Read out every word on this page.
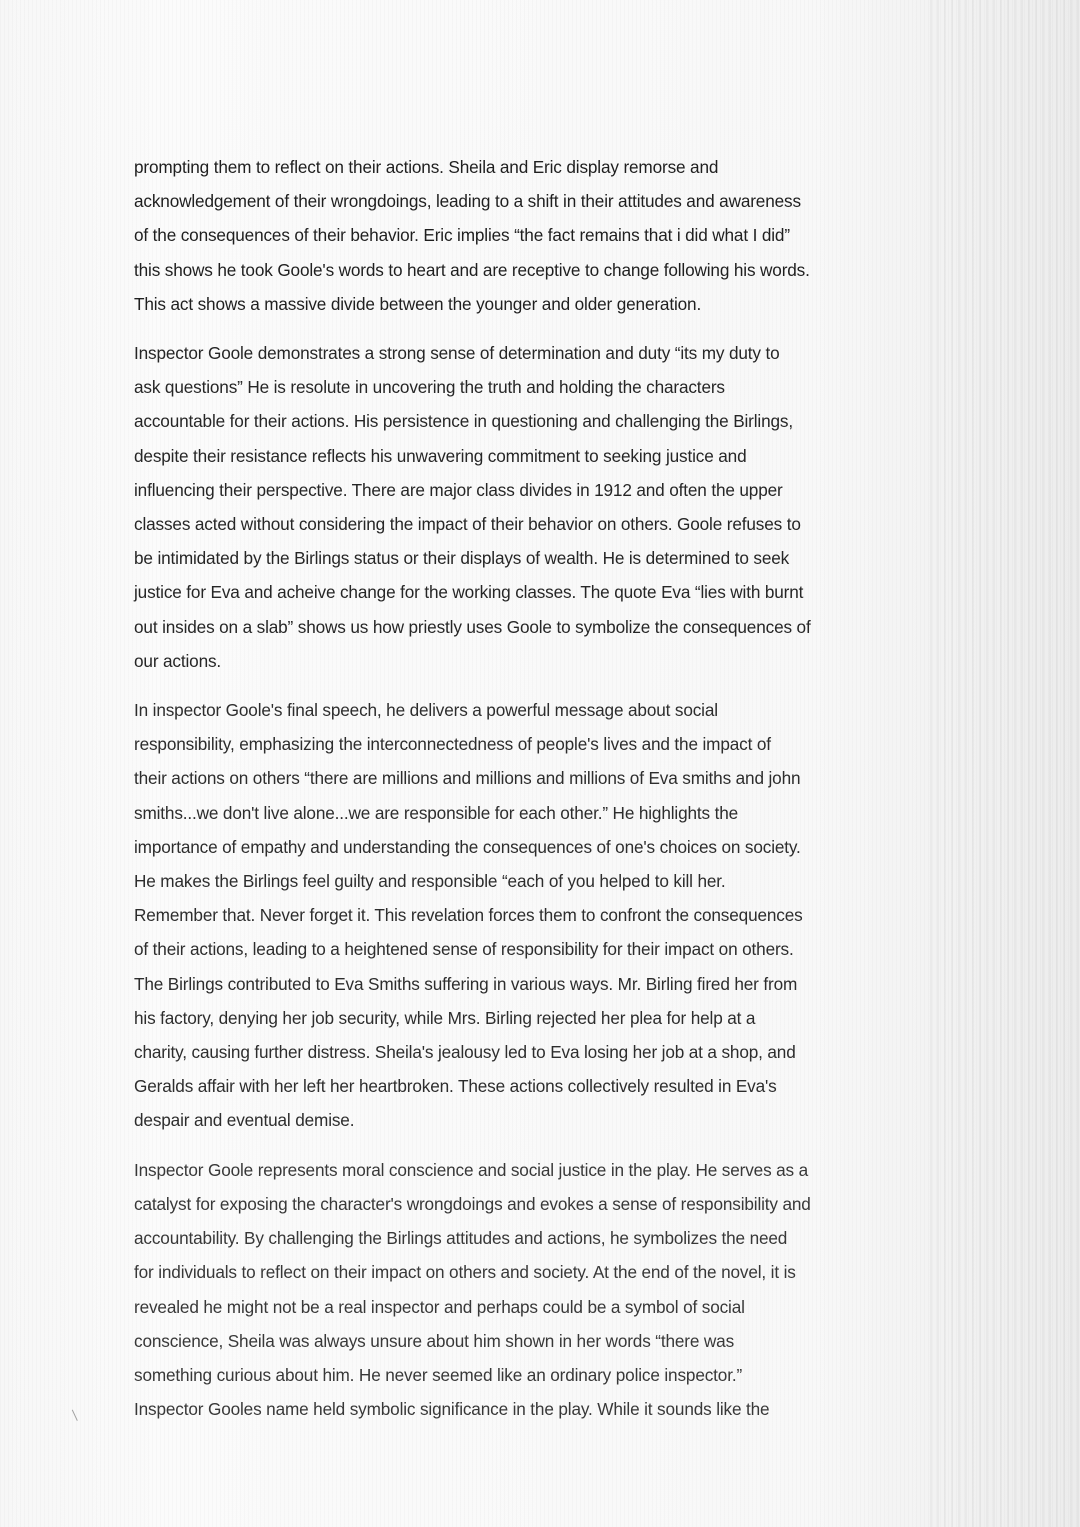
prompting them to reflect on their actions. Sheila and Eric display remorse and
acknowledgement of their wrongdoings, leading to a shift in their attitudes and awareness
of the consequences of their behavior. Eric implies “the fact remains that i did what I did”
this shows he took Goole's words to heart and are receptive to change following his words.
This act shows a massive divide between the younger and older generation.

Inspector Goole demonstrates a strong sense of determination and duty “its my duty to
ask questions” He is resolute in uncovering the truth and holding the characters
accountable for their actions. His persistence in questioning and challenging the Birlings,
despite their resistance reflects his unwavering commitment to seeking justice and
influencing their perspective. There are major class divides in 1912 and often the upper
classes acted without considering the impact of their behavior on others. Goole refuses to
be intimidated by the Birlings status or their displays of wealth. He is determined to seek
justice for Eva and acheive change for the working classes. The quote Eva “lies with burnt
out insides on a slab” shows us how priestly uses Goole to symbolize the consequences of
our actions.

In inspector Goole's final speech, he delivers a powerful message about social
responsibility, emphasizing the interconnectedness of people's lives and the impact of
their actions on others “there are millions and millions and millions of Eva smiths and john
smiths...we don't live alone...we are responsible for each other.” He highlights the
importance of empathy and understanding the consequences of one's choices on society.
He makes the Birlings feel guilty and responsible “each of you helped to kill her.
Remember that. Never forget it. This revelation forces them to confront the consequences
of their actions, leading to a heightened sense of responsibility for their impact on others.
The Birlings contributed to Eva Smiths suffering in various ways. Mr. Birling fired her from
his factory, denying her job security, while Mrs. Birling rejected her plea for help at a
charity, causing further distress. Sheila's jealousy led to Eva losing her job at a shop, and
Geralds affair with her left her heartbroken. These actions collectively resulted in Eva's
despair and eventual demise.

Inspector Goole represents moral conscience and social justice in the play. He serves as a
catalyst for exposing the character's wrongdoings and evokes a sense of responsibility and
accountability. By challenging the Birlings attitudes and actions, he symbolizes the need
for individuals to reflect on their impact on others and society. At the end of the novel, it is
revealed he might not be a real inspector and perhaps could be a symbol of social
conscience, Sheila was always unsure about him shown in her words “there was
something curious about him. He never seemed like an ordinary police inspector.”
Inspector Gooles name held symbolic significance in the play. While it sounds like the
